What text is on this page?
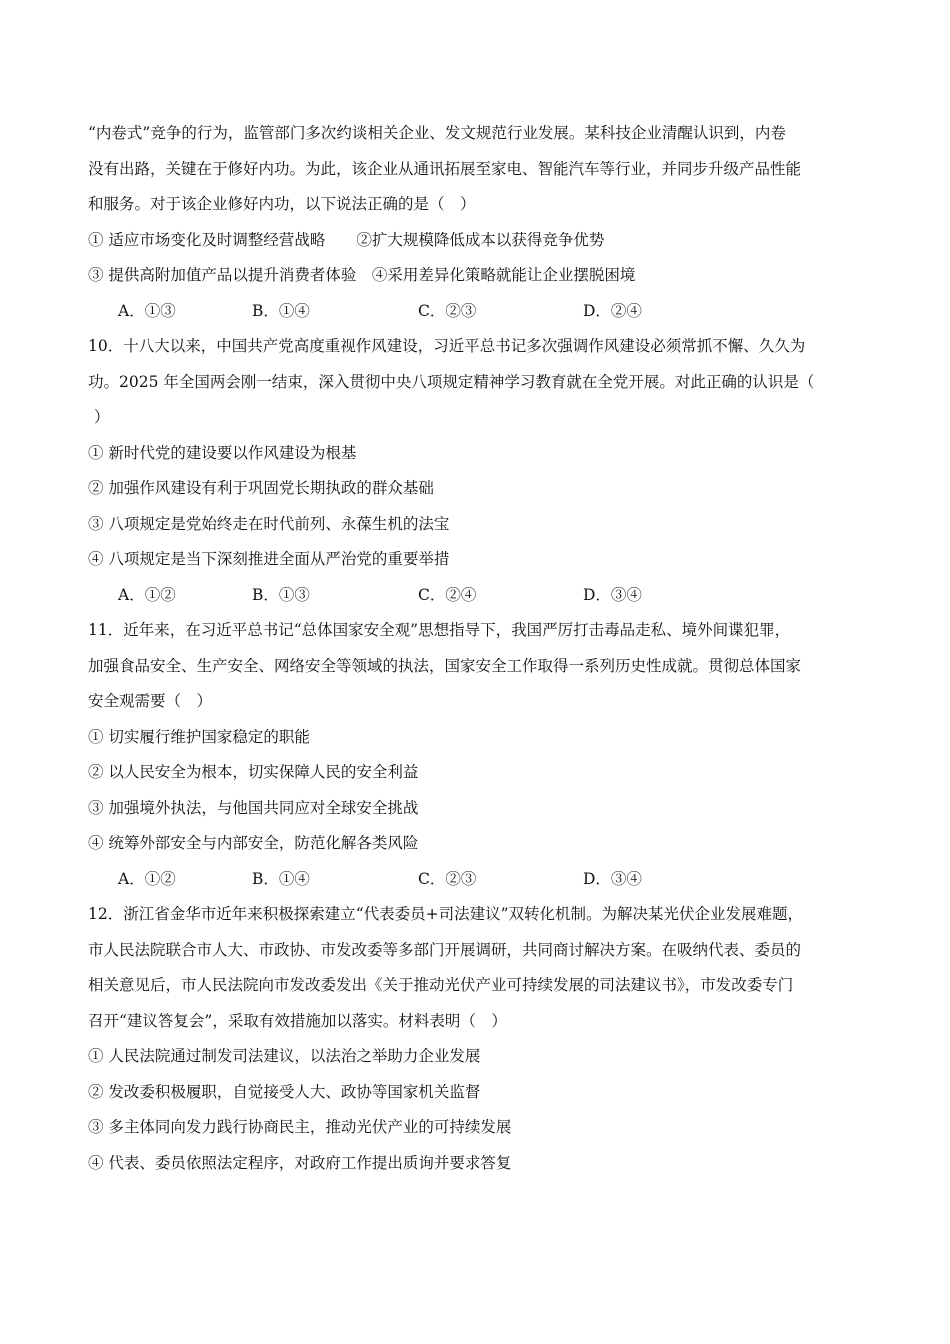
“内卷式”竞争的行为，监管部门多次约谈相关企业、发文规范行业发展。某科技企业清醒认识到，内卷
没有出路，关键在于修好内功。为此，该企业从通讯拓展至家电、智能汽车等行业，并同步升级产品性能
和服务。对于该企业修好内功，以下说法正确的是（　）
① 适应市场变化及时调整经营战略　　②扩大规模降低成本以获得竞争优势
③ 提供高附加值产品以提升消费者体验　④采用差异化策略就能让企业摆脱困境
A．①③	B．①④	C．②③	D．②④
10．十八大以来，中国共产党高度重视作风建设，习近平总书记多次强调作风建设必须常抓不懈、久久为
功。2025 年全国两会刚一结束，深入贯彻中央八项规定精神学习教育就在全党开展。对此正确的认识是（
）
① 新时代党的建设要以作风建设为根基
② 加强作风建设有利于巩固党长期执政的群众基础
③ 八项规定是党始终走在时代前列、永葆生机的法宝
④ 八项规定是当下深刻推进全面从严治党的重要举措
A．①②	B．①③	C．②④	D．③④
11．近年来，在习近平总书记“总体国家安全观”思想指导下，我国严厉打击毒品走私、境外间谍犯罪，
加强食品安全、生产安全、网络安全等领域的执法，国家安全工作取得一系列历史性成就。贯彻总体国家
安全观需要（　）
① 切实履行维护国家稳定的职能
② 以人民安全为根本，切实保障人民的安全利益
③ 加强境外执法，与他国共同应对全球安全挑战
④ 统筹外部安全与内部安全，防范化解各类风险
A．①②	B．①④	C．②③	D．③④
12．浙江省金华市近年来积极探索建立“代表委员+司法建议”双转化机制。为解决某光伏企业发展难题，
市人民法院联合市人大、市政协、市发改委等多部门开展调研，共同商讨解决方案。在吸纳代表、委员的
相关意见后，市人民法院向市发改委发出《关于推动光伏产业可持续发展的司法建议书》，市发改委专门
召开“建议答复会”，采取有效措施加以落实。材料表明（　）
① 人民法院通过制发司法建议，以法治之举助力企业发展
② 发改委积极履职，自觉接受人大、政协等国家机关监督
③ 多主体同向发力践行协商民主，推动光伏产业的可持续发展
④ 代表、委员依照法定程序，对政府工作提出质询并要求答复
